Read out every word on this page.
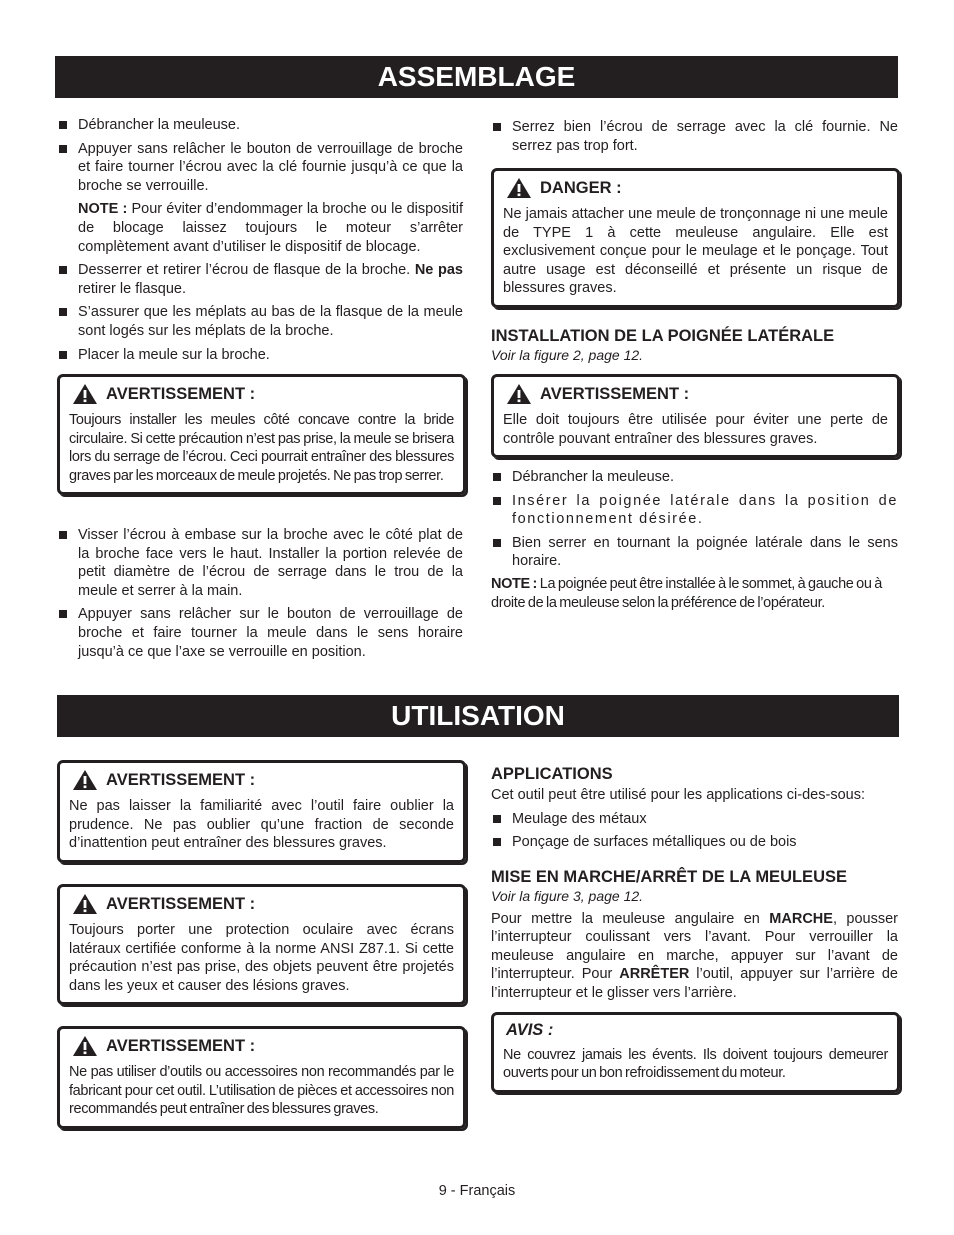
ASSEMBLAGE
Débrancher la meuleuse.
Appuyer sans relâcher le bouton de verrouillage de broche et faire tourner l’écrou avec la clé fournie jusqu’à ce que la broche se verrouille.

NOTE : Pour éviter d’endommager la broche ou le dispositif de blocage laissez toujours le moteur s’arrêter complètement avant d’utiliser le dispositif de blocage.

Desserrer et retirer l’écrou de flasque de la broche. Ne pas retirer le flasque.
S’assurer que les méplats au bas de la flasque de la meule sont logés sur les méplats de la broche.
Placer la meule sur la broche.
AVERTISSEMENT :

Toujours installer les meules côté concave contre la bride circulaire. Si cette précaution n’est pas prise, la meule se brisera lors du serrage de l’écrou. Ceci pourrait entraîner des blessures graves par les morceaux de meule projetés. Ne pas trop serrer.

Visser l’écrou à embase sur la broche avec le côté plat de la broche face vers le haut. Installer la portion relevée de petit diamètre de l’écrou de serrage dans le trou de la meule et serrer à la main.
Appuyer sans relâcher sur le bouton de verrouillage de broche et faire tourner la meule dans le sens horaire jusqu’à ce que l’axe se verrouille en position.
Serrez bien l’écrou de serrage avec la clé fournie. Ne serrez pas trop fort.
DANGER :

Ne jamais attacher une meule de tronçonnage ni une meule de TYPE 1 à cette meuleuse angulaire. Elle est exclusivement conçue pour le meulage et le ponçage. Tout autre usage est déconseillé et présente un risque de blessures graves.

INSTALLATION DE LA POIGNÉE LATÉRALE
Voir la figure 2, page 12.
AVERTISSEMENT :

Elle doit toujours être utilisée pour éviter une perte de contrôle pouvant entraîner des blessures graves.

Débrancher la meuleuse.
Insérer la poignée latérale dans la position de fonctionnement désirée.
Bien serrer en tournant la poignée latérale dans le sens horaire.

NOTE : La poignée peut être installée à le sommet, à gauche ou à droite de la meuleuse selon la préférence de l’opérateur.

UTILISATION
AVERTISSEMENT :

Ne pas laisser la familiarité avec l’outil faire oublier la prudence. Ne pas oublier qu’une fraction de seconde d’inattention peut entraîner des blessures graves.

AVERTISSEMENT :

Toujours porter une protection oculaire avec écrans latéraux certifiée conforme à la norme ANSI Z87.1. Si cette précaution n’est pas prise, des objets peuvent être projetés dans les yeux et causer des lésions graves.

AVERTISSEMENT :

Ne pas utiliser d’outils ou accessoires non recommandés par le fabricant pour cet outil. L’utilisation de pièces et accessoires non recommandés peut entraîner des blessures graves.

APPLICATIONS

Cet outil peut être utilisé pour les applications ci-des-sous:

Meulage des métaux
Ponçage de surfaces métalliques ou de bois
MISE EN MARCHE/ARRÊT DE LA MEULEUSE
Voir la figure 3, page 12.

Pour mettre la meuleuse angulaire en MARCHE, pousser l’interrupteur coulissant vers l’avant. Pour verrouiller la meuleuse angulaire en marche, appuyer sur l’avant de l’interrupteur. Pour ARRÊTER l’outil, appuyer sur l’arrière de l’interrupteur et le glisser vers l’arrière.

AVIS :

Ne couvrez jamais les évents. Ils doivent toujours demeurer ouverts pour un bon refroidissement du moteur.

9 - Français
